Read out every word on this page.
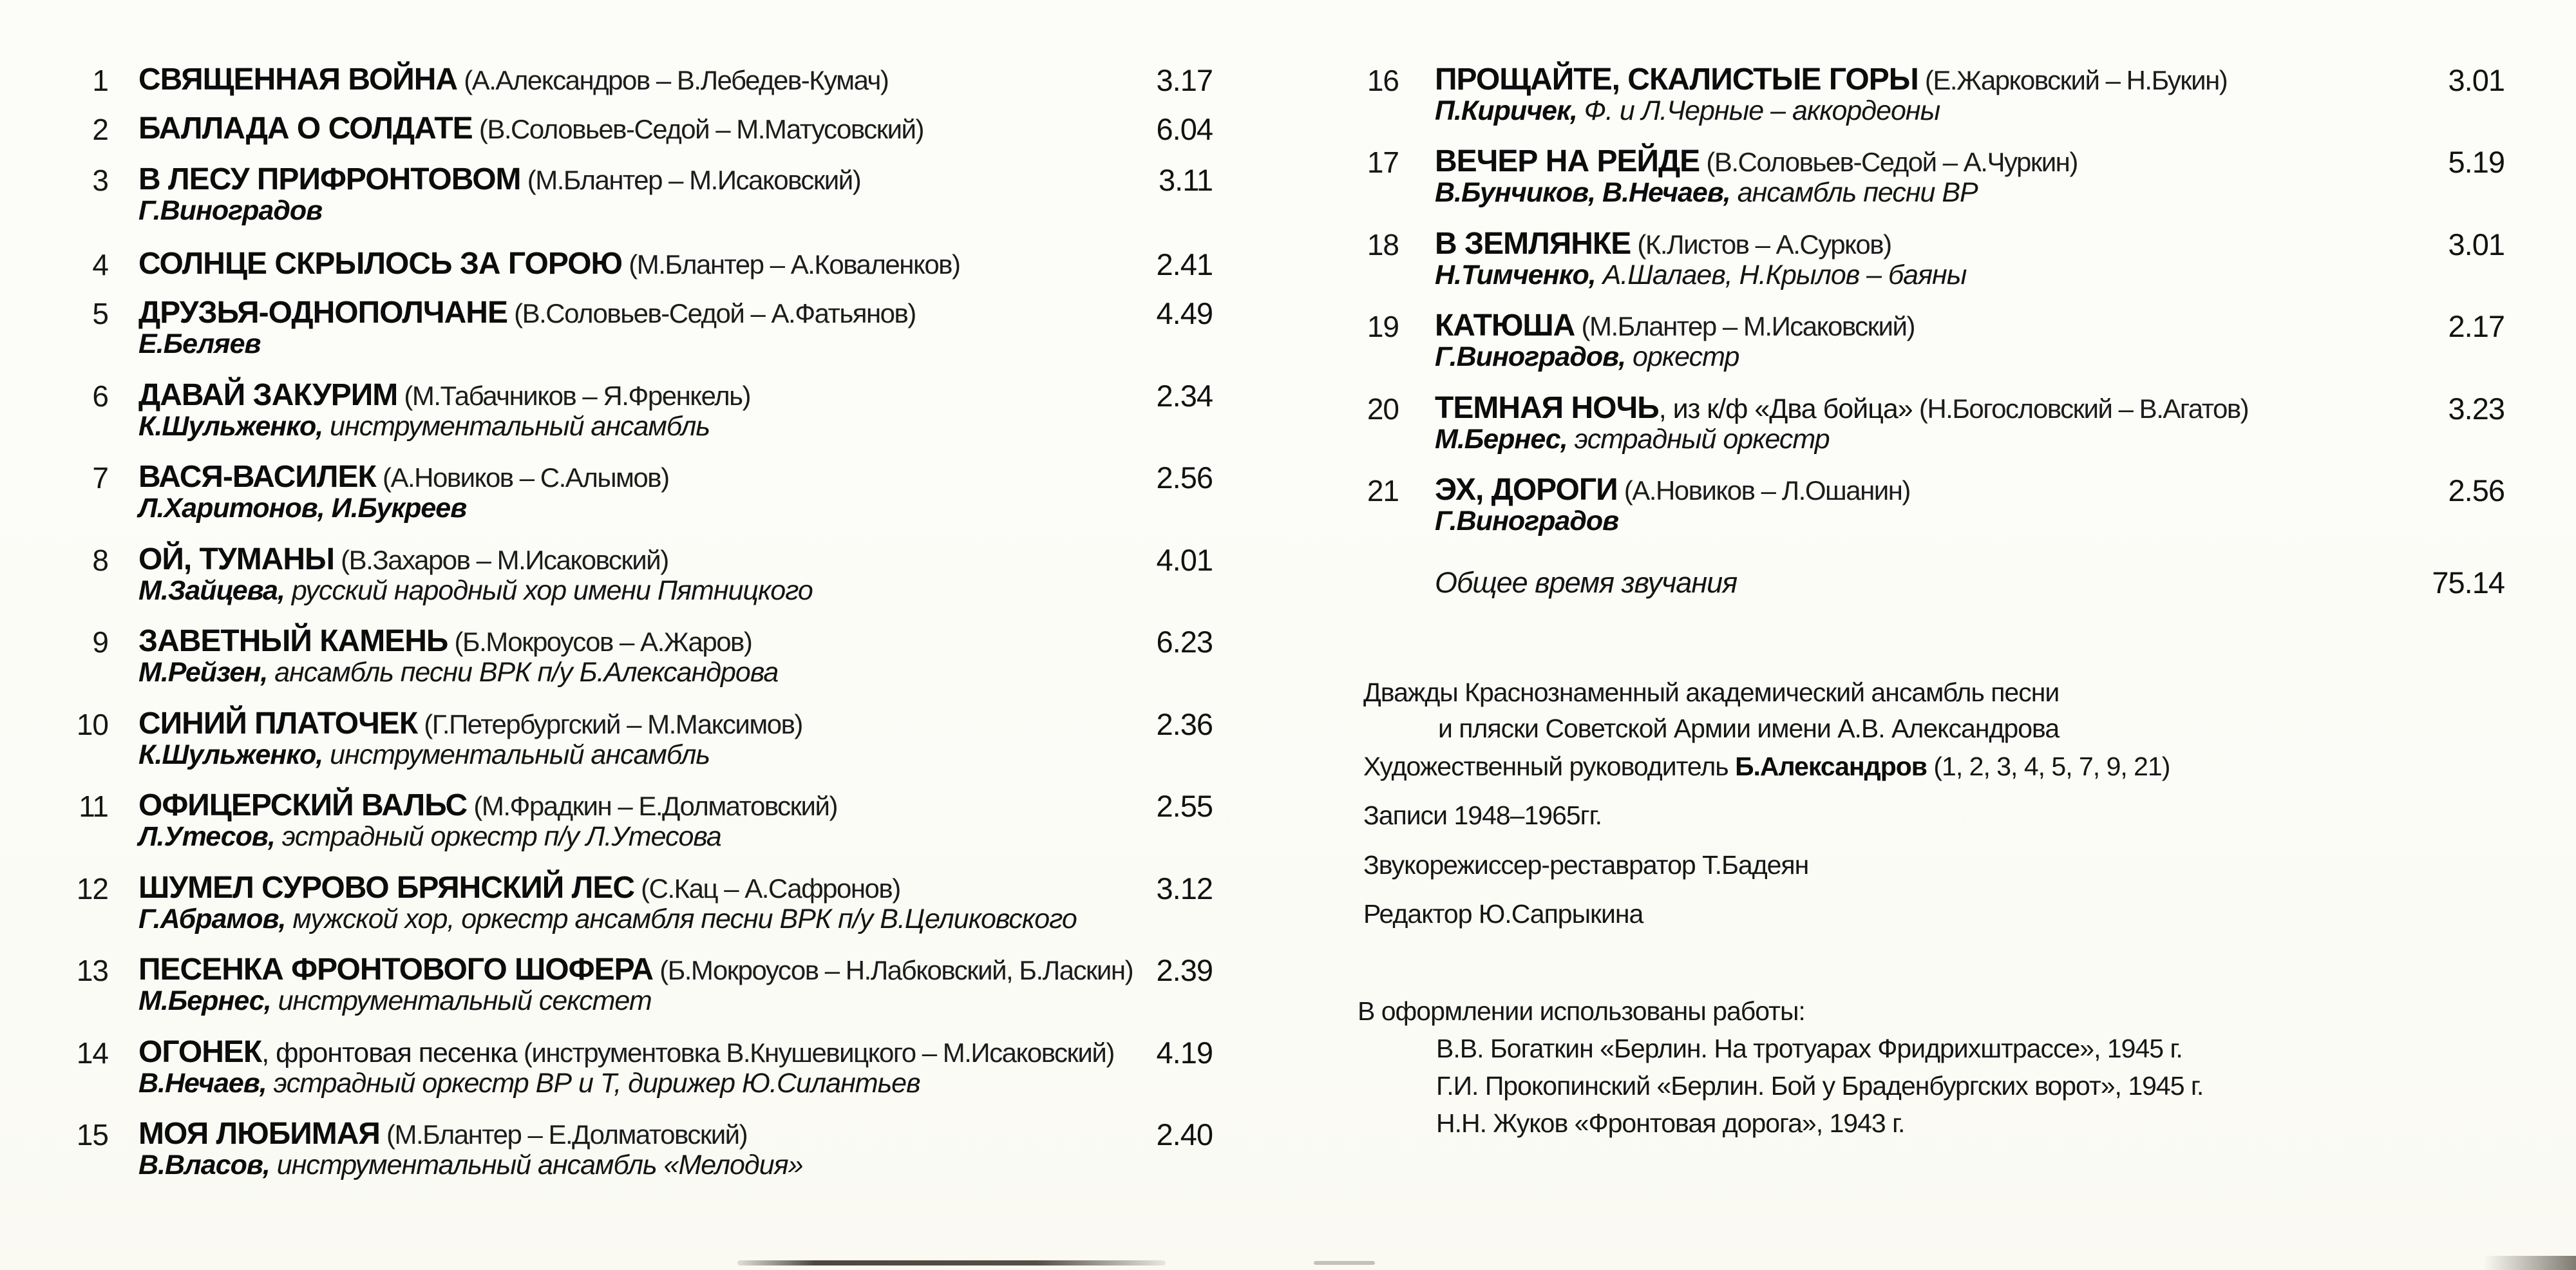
1 СВЯЩЕННАЯ ВОЙНА (А.Александров – В.Лебедев-Кумач)	3.17
2 БАЛЛАДА О СОЛДАТЕ (В.Соловьев-Седой – М.Матусовский)	6.04
3 В ЛЕСУ ПРИФРОНТОВОМ (М.Блантер – М.Исаковский)	3.11
Г.Виноградов
4 СОЛНЦЕ СКРЫЛОСЬ ЗА ГОРОЮ (М.Блантер – А.Коваленков)	2.41
5 ДРУЗЬЯ-ОДНОПОЛЧАНЕ (В.Соловьев-Седой – А.Фатьянов)	4.49
Е.Беляев
6 ДАВАЙ ЗАКУРИМ (М.Табачников – Я.Френкель)	2.34
К.Шульженко, инструментальный ансамбль
7 ВАСЯ-ВАСИЛЕК (А.Новиков – С.Алымов)	2.56
Л.Харитонов, И.Букреев
8 ОЙ, ТУМАНЫ (В.Захаров – М.Исаковский)	4.01
М.Зайцева, русский народный хор имени Пятницкого
9 ЗАВЕТНЫЙ КАМЕНЬ (Б.Мокроусов – А.Жаров)	6.23
М.Рейзен, ансамбль песни ВРК п/у Б.Александрова
10 СИНИЙ ПЛАТОЧЕК (Г.Петербургский – М.Максимов)	2.36
К.Шульженко, инструментальный ансамбль
11 ОФИЦЕРСКИЙ ВАЛЬС (М.Фрадкин – Е.Долматовский)	2.55
Л.Утесов, эстрадный оркестр п/у Л.Утесова
12 ШУМЕЛ СУРОВО БРЯНСКИЙ ЛЕС (С.Кац – А.Сафронов)	3.12
Г.Абрамов, мужской хор, оркестр ансамбля песни ВРК п/у В.Целиковского
13 ПЕСЕНКА ФРОНТОВОГО ШОФЕРА (Б.Мокроусов – Н.Лабковский, Б.Ласкин) 2.39
М.Бернес, инструментальный секстет
14 ОГОНЕК, фронтовая песенка (инструментовка В.Кнушевицкого – М.Исаковский)	4.19
В.Нечаев, эстрадный оркестр ВР и Т, дирижер Ю.Силантьев
15 МОЯ ЛЮБИМАЯ (М.Блантер – Е.Долматовский)	2.40
В.Власов, инструментальный ансамбль «Мелодия»
16 ПРОЩАЙТЕ, СКАЛИСТЫЕ ГОРЫ (Е.Жарковский – Н.Букин)	3.01
П.Киричек, Ф. и Л.Черные – аккордеоны
17 ВЕЧЕР НА РЕЙДЕ (В.Соловьев-Седой – А.Чуркин)	5.19
В.Бунчиков, В.Нечаев, ансамбль песни ВР
18 В ЗЕМЛЯНКЕ (К.Листов – А.Сурков)	3.01
Н.Тимченко, А.Шалаев, Н.Крылов – баяны
19 КАТЮША (М.Блантер – М.Исаковский)	2.17
Г.Виноградов, оркестр
20 ТЕМНАЯ НОЧЬ, из к/ф «Два бойца» (Н.Богословский – В.Агатов)	3.23
М.Бернес, эстрадный оркестр
21 ЭХ, ДОРОГИ (А.Новиков – Л.Ошанин)	2.56
Г.Виноградов
Общее время звучания	75.14
Дважды Краснознаменный академический ансамбль песни
и пляски Советской Армии имени А.В. Александрова
Художественный руководитель Б.Александров (1, 2, 3, 4, 5, 7, 9, 21)
Записи 1948–1965гг.
Звукорежиссер-реставратор Т.Бадеян
Редактор Ю.Сапрыкина
В оформлении использованы работы:
В.В. Богаткин «Берлин. На тротуарах Фридрихштрассе», 1945 г.
Г.И. Прокопинский «Берлин. Бой у Браденбургских ворот», 1945 г.
Н.Н. Жуков «Фронтовая дорога», 1943 г.
